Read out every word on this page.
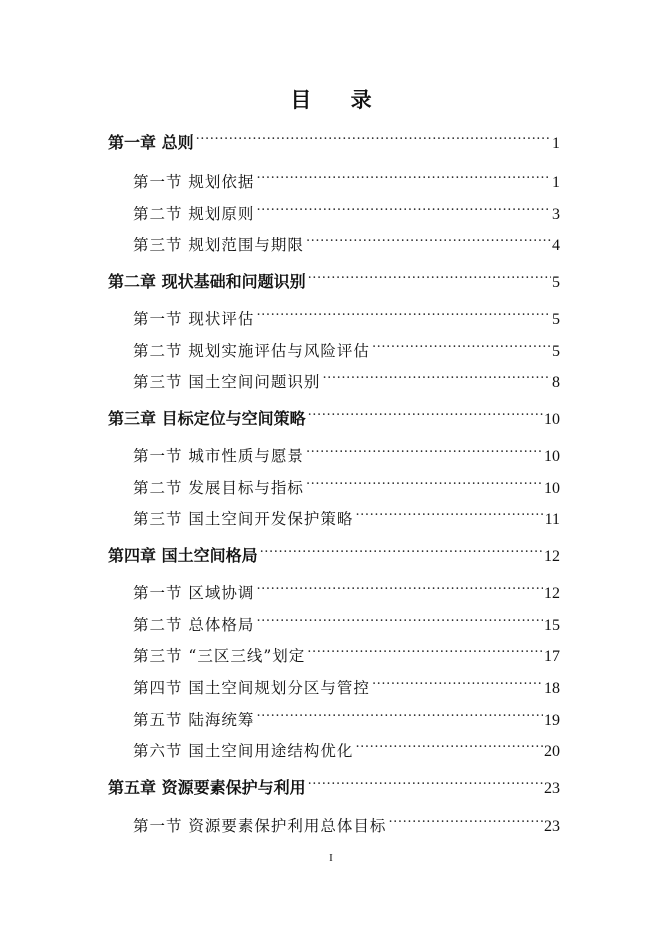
目 录
第一章 总则 .....	1
第一节 规划依据 .....	1
第二节 规划原则 .....	3
第三节 规划范围与期限 .....	4
第二章 现状基础和问题识别 .....	5
第一节 现状评估 .....	5
第二节 规划实施评估与风险评估 .....	5
第三节 国土空间问题识别 .....	8
第三章 目标定位与空间策略 .....	10
第一节 城市性质与愿景 .....	10
第二节 发展目标与指标 .....	10
第三节 国土空间开发保护策略 .....	11
第四章 国土空间格局 .....	12
第一节 区域协调 .....	12
第二节 总体格局 .....	15
第三节 “三区三线”划定 .....	17
第四节 国土空间规划分区与管控 .....	18
第五节 陆海统筹 .....	19
第六节 国土空间用途结构优化 .....	20
第五章 资源要素保护与利用 .....	23
第一节 资源要素保护利用总体目标 .....	23
I
